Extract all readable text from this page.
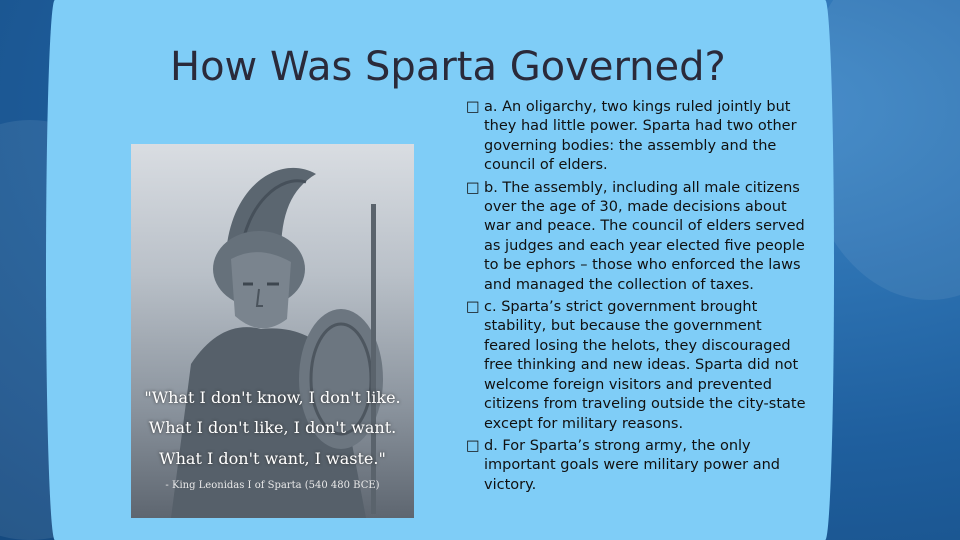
How Was Sparta Governed?
"What I don't know, I don't like.
What I don't like, I don't want.
What I don't want, I waste."
- King Leonidas I of Sparta (540 480 BCE)
□ a. An oligarchy, two kings ruled jointly but they had little power. Sparta had two other governing bodies: the assembly and the council of elders.
□ b. The assembly, including all male citizens over the age of 30, made decisions about war and peace. The council of elders served as judges and each year elected five people to be ephors – those who enforced the laws and managed the collection of taxes.
□ c. Sparta’s strict government brought stability, but because the government feared losing the helots, they discouraged free thinking and new ideas. Sparta did not welcome foreign visitors and prevented citizens from traveling outside the city-state except for military reasons.
□ d. For Sparta’s strong army, the only important goals were military power and victory.
